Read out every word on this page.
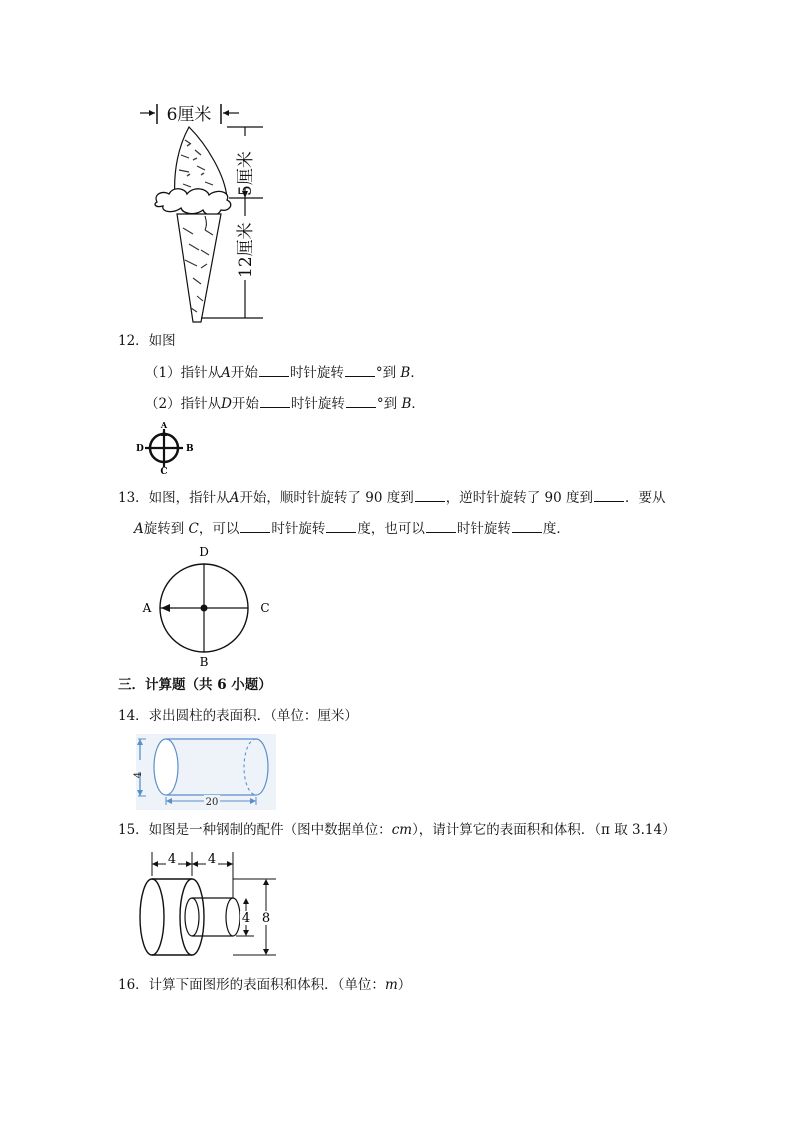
6厘米
5厘米
12厘米
12．如图
（1）指针从A开始 时针旋转 °到 B．
（2）指针从D开始 时针旋转 °到 B．
A
B
C
D
13．如图，指针从A开始，顺时针旋转了 90 度到 ，逆时针旋转了 90 度到 ．要从
A旋转到 C，可以 时针旋转 度，也可以 时针旋转 度．
D
A	C
B
三．计算题（共 6 小题）
14．求出圆柱的表面积．（单位：厘米）
4
20
15．如图是一种钢制的配件（图中数据单位：cm），请计算它的表面积和体积．（π 取 3.14）
4 4
4 8
16．计算下面图形的表面积和体积．（单位：m）
